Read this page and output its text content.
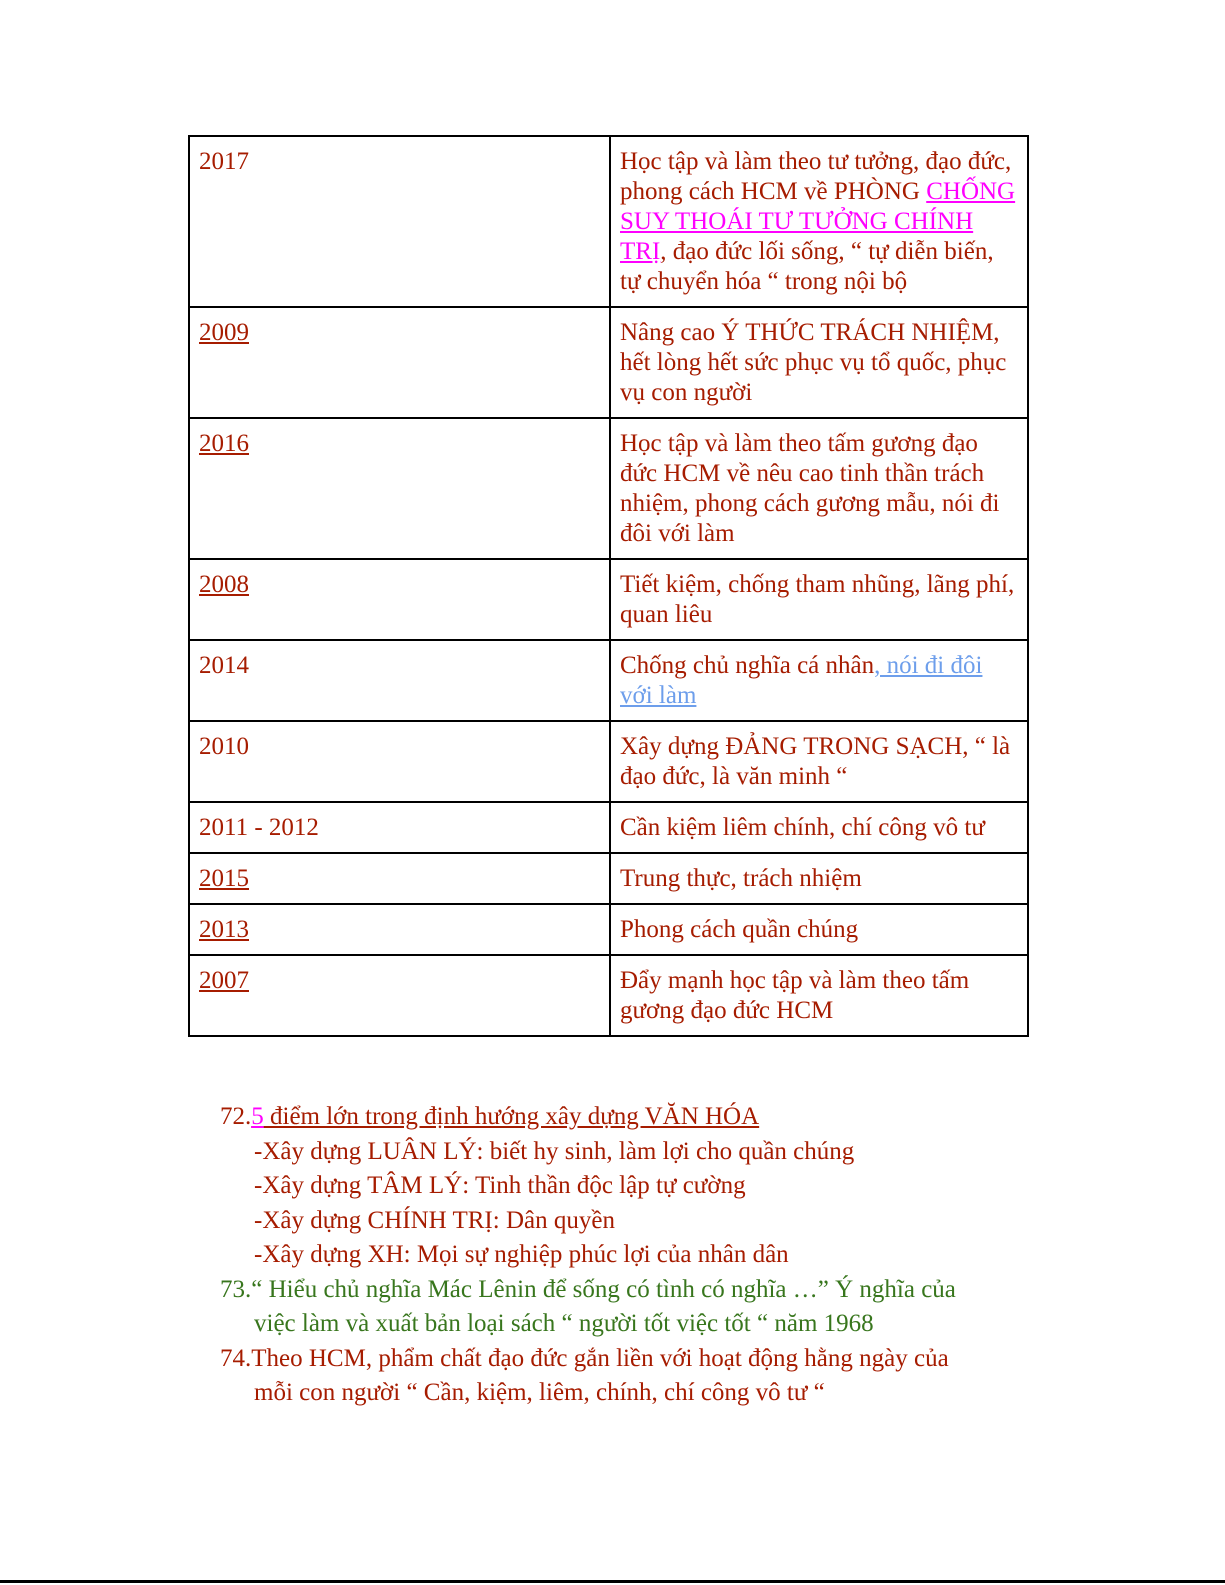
2017	Học tập và làm theo tư tưởng, đạo đức, phong cách HCM về PHÒNG CHỐNG SUY THOÁI TƯ TƯỞNG CHÍNH TRỊ, đạo đức lối sống, “ tự diễn biến, tự chuyển hóa “ trong nội bộ
2009	Nâng cao Ý THỨC TRÁCH NHIỆM, hết lòng hết sức phục vụ tổ quốc, phục vụ con người
2016	Học tập và làm theo tấm gương đạo đức HCM về nêu cao tinh thần trách nhiệm, phong cách gương mẫu, nói đi đôi với làm
2008	Tiết kiệm, chống tham nhũng, lãng phí, quan liêu
2014	Chống chủ nghĩa cá nhân, nói đi đôi với làm
2010	Xây dựng ĐẢNG TRONG SẠCH, “ là đạo đức, là văn minh “
2011 - 2012	Cần kiệm liêm chính, chí công vô tư
2015	Trung thực, trách nhiệm
2013	Phong cách quần chúng
2007	Đẩy mạnh học tập và làm theo tấm gương đạo đức HCM
72.5 điểm lớn trong định hướng xây dựng VĂN HÓA
-Xây dựng LUÂN LÝ: biết hy sinh, làm lợi cho quần chúng
-Xây dựng TÂM LÝ: Tinh thần độc lập tự cường
-Xây dựng CHÍNH TRỊ: Dân quyền
-Xây dựng XH: Mọi sự nghiệp phúc lợi của nhân dân
73.“ Hiểu chủ nghĩa Mác Lênin để sống có tình có nghĩa …” Ý nghĩa của
việc làm và xuất bản loại sách “ người tốt việc tốt “ năm 1968
74.Theo HCM, phẩm chất đạo đức gắn liền với hoạt động hằng ngày của
mỗi con người “ Cần, kiệm, liêm, chính, chí công vô tư “
